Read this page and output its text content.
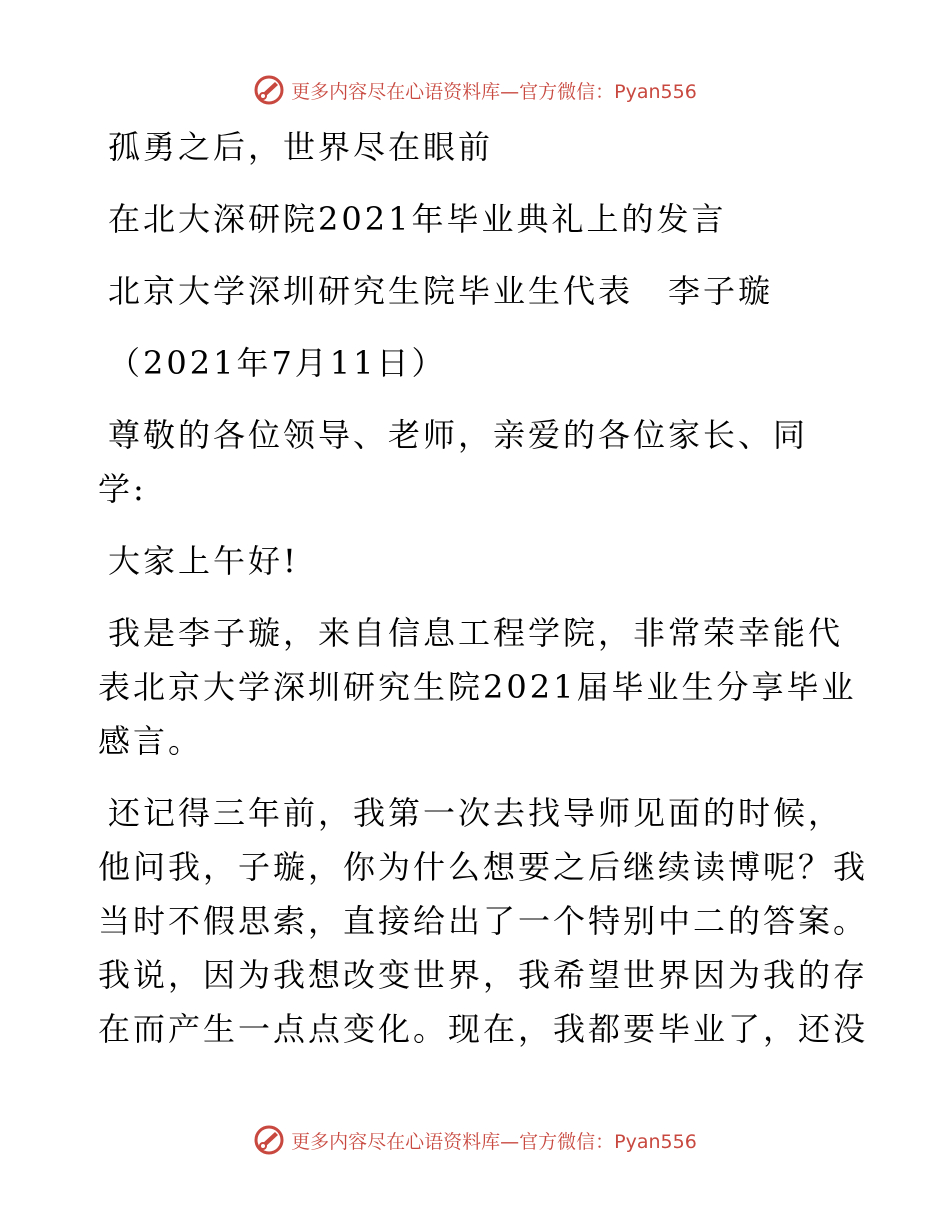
更多内容尽在心语资料库—官方微信：Pyan556
孤勇之后，世界尽在眼前
在北大深研院2021年毕业典礼上的发言
北京大学深圳研究生院毕业生代表　李子璇
（2021年7月11日）
尊敬的各位领导、老师，亲爱的各位家长、同
学:
大家上午好!
我是李子璇，来自信息工程学院，非常荣幸能代
表北京大学深圳研究生院2021届毕业生分享毕业
感言。
还记得三年前，我第一次去找导师见面的时候，
他问我，子璇，你为什么想要之后继续读博呢？我
当时不假思索，直接给出了一个特别中二的答案。
我说，因为我想改变世界，我希望世界因为我的存
在而产生一点点变化。现在，我都要毕业了，还没
更多内容尽在心语资料库—官方微信：Pyan556
